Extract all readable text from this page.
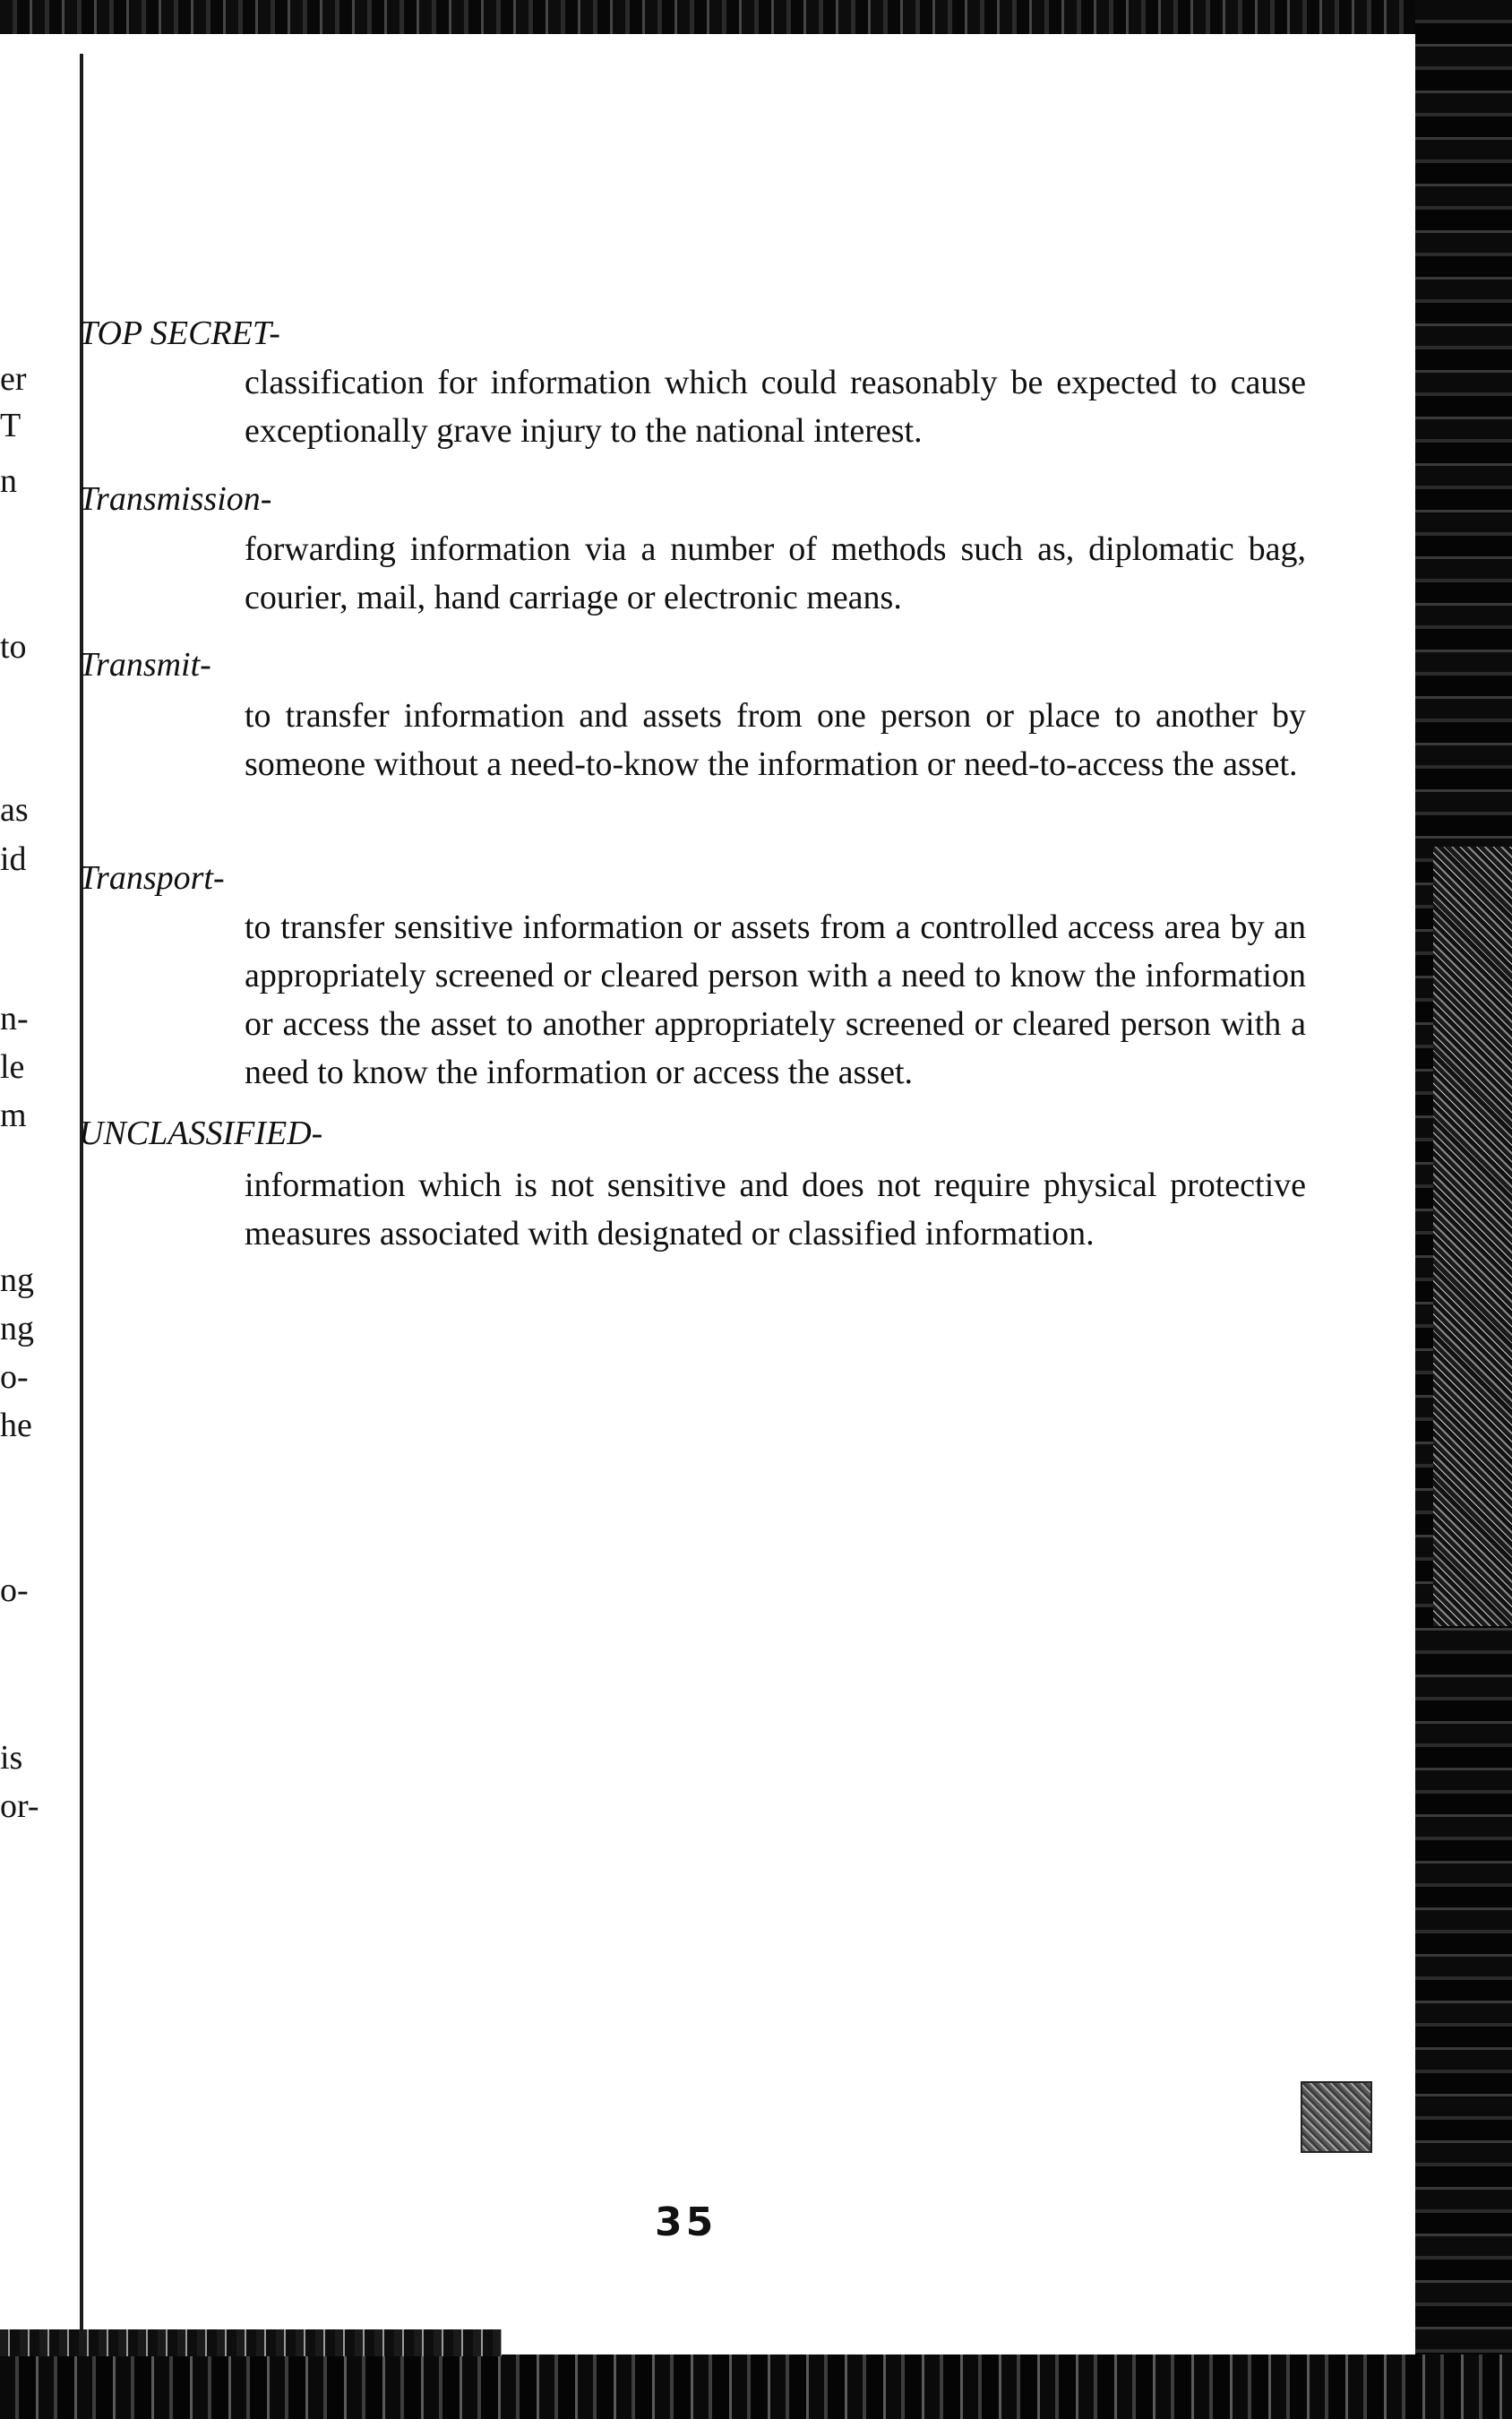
er
T
n
to
as
id
n-
le
m
ng
ng
o-
he
o-
is
or-
TOP SECRET-
classification for information which could reasonably be expected to cause exceptionally grave injury to the national interest.
Transmission-
forwarding information via a number of methods such as, diplomatic bag, courier, mail, hand carriage or electronic means.
Transmit-
to transfer information and assets from one person or place to another by someone without a need-to-know the information or need-to-access the asset.
Transport-
to transfer sensitive information or assets from a controlled access area by an appropriately screened or cleared person with a need to know the information or access the asset to another appropriately screened or cleared person with a need to know the information or access the asset.
UNCLASSIFIED-
information which is not sensitive and does not require physical protective measures associated with designated or classified information.
35
